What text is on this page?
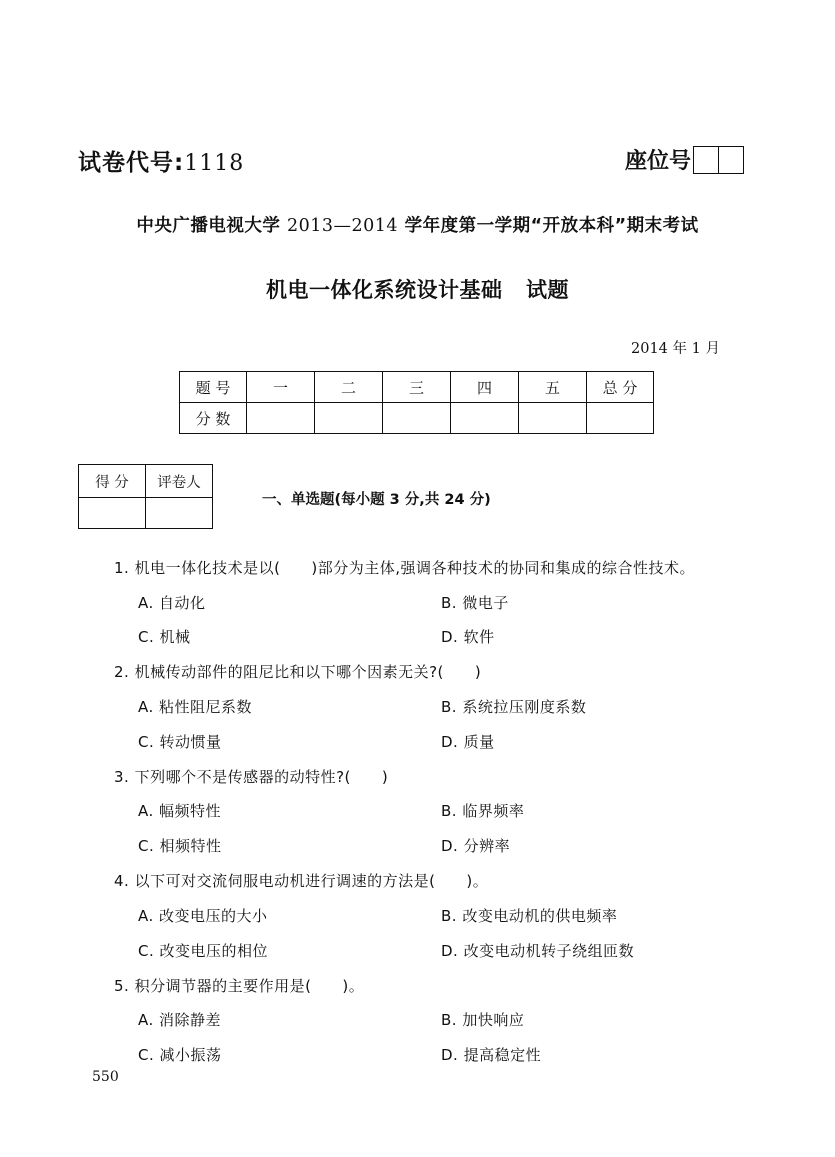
试卷代号:1118	座位号
中央广播电视大学 2013—2014 学年度第一学期“开放本科”期末考试
机电一体化系统设计基础   试题
2014 年 1 月
题 号	一	二	三	四	五	总 分
分 数						
得 分	评卷人

一、单选题(每小题 3 分,共 24 分)
1. 机电一体化技术是以(　　)部分为主体,强调各种技术的协同和集成的综合性技术。
A. 自动化	B. 微电子
C. 机械	D. 软件
2. 机械传动部件的阻尼比和以下哪个因素无关?(　　)
A. 粘性阻尼系数	B. 系统拉压刚度系数
C. 转动惯量	D. 质量
3. 下列哪个不是传感器的动特性?(　　)
A. 幅频特性	B. 临界频率
C. 相频特性	D. 分辨率
4. 以下可对交流伺服电动机进行调速的方法是(　　)。
A. 改变电压的大小	B. 改变电动机的供电频率
C. 改变电压的相位	D. 改变电动机转子绕组匝数
5. 积分调节器的主要作用是(　　)。
A. 消除静差	B. 加快响应
C. 减小振荡	D. 提高稳定性
550
